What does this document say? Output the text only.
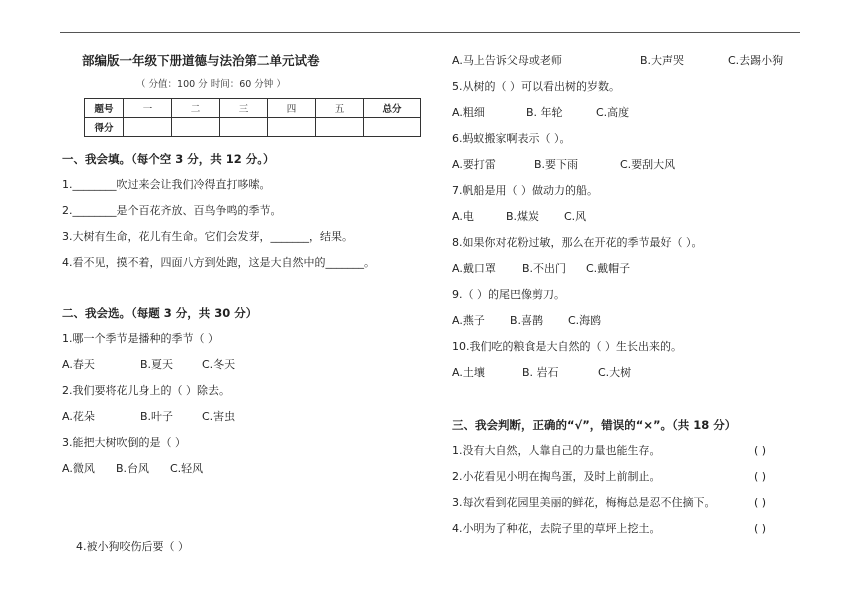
部编版一年级下册道德与法治第二单元试卷
（ 分值：100 分 时间：60 分钟 ）
题号	一	二	三	四	五	总分
得分						
一、我会填。（每个空 3 分，共 12 分。）
1.________吹过来会让我们冷得直打哆嗦。
2.________是个百花齐放、百鸟争鸣的季节。
3.大树有生命，花儿有生命。它们会发芽，_______，结果。
4.看不见，摸不着，四面八方到处跑，这是大自然中的_______。
二、我会选。（每题 3 分，共 30 分）
1.哪一个季节是播种的季节（ ）
A.春天	B.夏天	C.冬天
2.我们要将花儿身上的（ ）除去。
A.花朵	B.叶子	C.害虫
3.能把大树吹倒的是（ ）
A.微风 B.台风 C.轻风
4.被小狗咬伤后要（ ）
A.马上告诉父母或老师	B.大声哭	C.去踢小狗
5.从树的（ ）可以看出树的岁数。
A.粗细	B. 年轮	C.高度
6.蚂蚁搬家啊表示（ ）。
A.要打雷	B.要下雨	C.要刮大风
7.帆船是用（ ）做动力的船。
A.电	B.煤炭 C.风
8.如果你对花粉过敏，那么在开花的季节最好（ ）。
A.戴口罩 B.不出门 C.戴帽子
9.（ ）的尾巴像剪刀。
A.燕子 B.喜鹊 C.海鸥
10.我们吃的粮食是大自然的（ ）生长出来的。
A.土壤	B. 岩石	C.大树
三、我会判断，正确的“√”，错误的“×”。（共 18 分）
1.没有大自然，人靠自己的力量也能生存。	( )
2.小花看见小明在掏鸟蛋，及时上前制止。	( )
3.每次看到花园里美丽的鲜花，梅梅总是忍不住摘下。	( )
4.小明为了种花，去院子里的草坪上挖土。	( )
